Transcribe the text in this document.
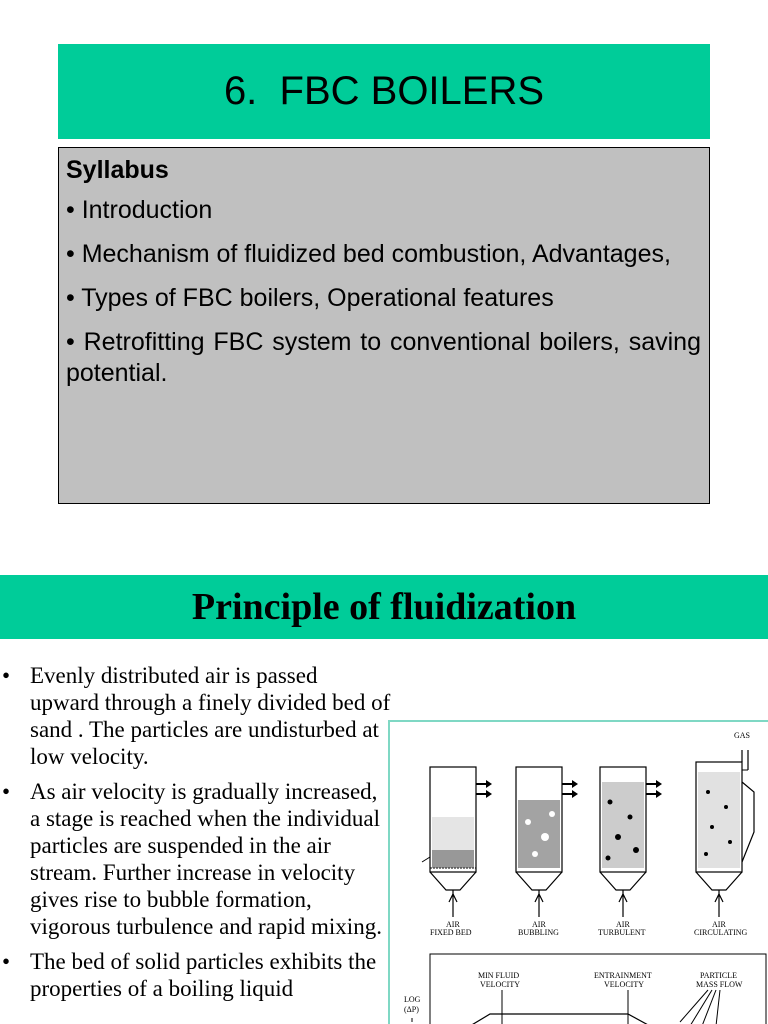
6.  FBC BOILERS
Syllabus
• Introduction
• Mechanism of fluidized bed combustion, Advantages,
• Types of FBC boilers, Operational features
• Retrofitting FBC system to conventional boilers, saving potential.
Principle of fluidization
• Evenly distributed air is passed upward through a finely divided bed of sand . The particles are undisturbed at low velocity.
• As air velocity is gradually increased, a stage is reached when the individual particles are suspended in the air stream. Further increase in velocity gives rise to bubble formation, vigorous turbulence and rapid mixing.
• The bed of solid particles exhibits the properties of a boiling liquid
GAS
AIR	AIR	AIR	AIR
FIXED BED	BUBBLING	TURBULENT	CIRCULATING
LOG
(ΔP)
MIN FLUID
VELOCITY
ENTRAINMENT
VELOCITY
PARTICLE
MASS FLOW
